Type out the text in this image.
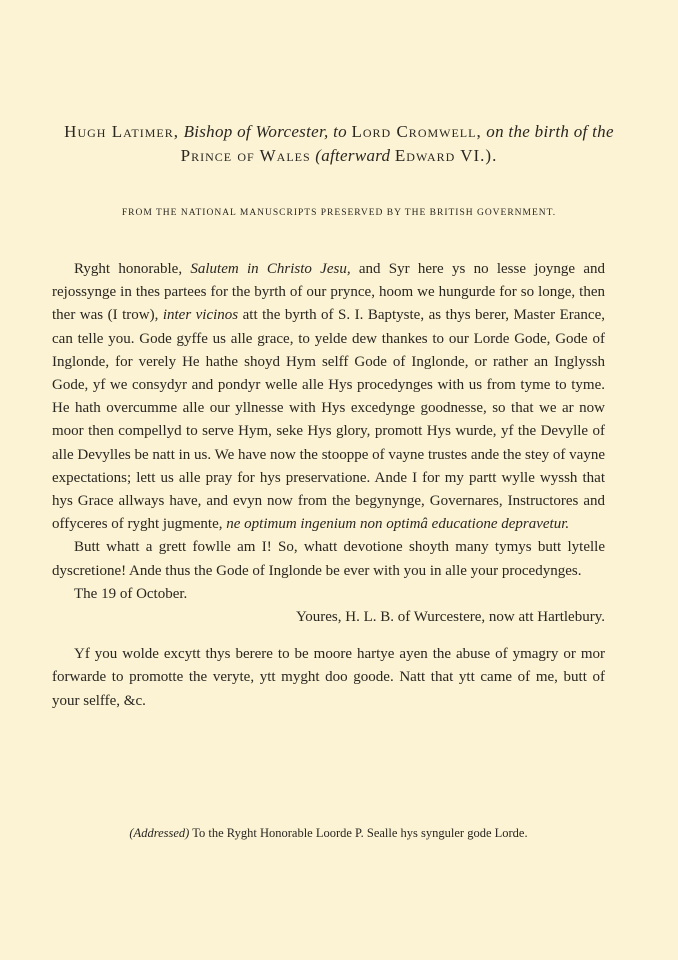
Hugh Latimer, Bishop of Worcester, to Lord Cromwell, on the birth of the Prince of Wales (afterward Edward VI.).
FROM THE NATIONAL MANUSCRIPTS PRESERVED BY THE BRITISH GOVERNMENT.

Ryght honorable, Salutem in Christo Jesu, and Syr here ys no lesse joynge and rejossynge in thes partees for the byrth of our prynce, hoom we hungurde for so longe, then ther was (I trow), inter vicinos att the byrth of S. I. Baptyste, as thys berer, Master Erance, can telle you. Gode gyffe us alle grace, to yelde dew thankes to our Lorde Gode, Gode of Inglonde, for verely He hathe shoyd Hym selff Gode of Inglonde, or rather an Inglyssh Gode, yf we consydyr and pondyr welle alle Hys procedynges with us from tyme to tyme. He hath overcumme alle our yllnesse with Hys excedynge goodnesse, so that we ar now moor then compellyd to serve Hym, seke Hys glory, promott Hys wurde, yf the Devylle of alle Devylles be natt in us. We have now the stooppe of vayne trustes ande the stey of vayne expectations; lett us alle pray for hys preservatione. Ande I for my partt wylle wyssh that hys Grace allways have, and evyn now from the begynynge, Governares, Instructores and offyceres of ryght jugmente, ne optimum ingenium non optimâ educatione depravetur.

Butt whatt a grett fowlle am I! So, whatt devotione shoyth many tymys butt lytelle dyscretione! Ande thus the Gode of Inglonde be ever with you in alle your procedynges.

The 19 of October.

Youres, H. L. B. of Wurcestere, now att Hartlebury.

Yf you wolde excytt thys berere to be moore hartye ayen the abuse of ymagry or mor forwarde to promotte the veryte, ytt myght doo goode. Natt that ytt came of me, butt of your selffe, &c.

(Addressed) To the Ryght Honorable Loorde P. Sealle hys synguler gode Lorde.
